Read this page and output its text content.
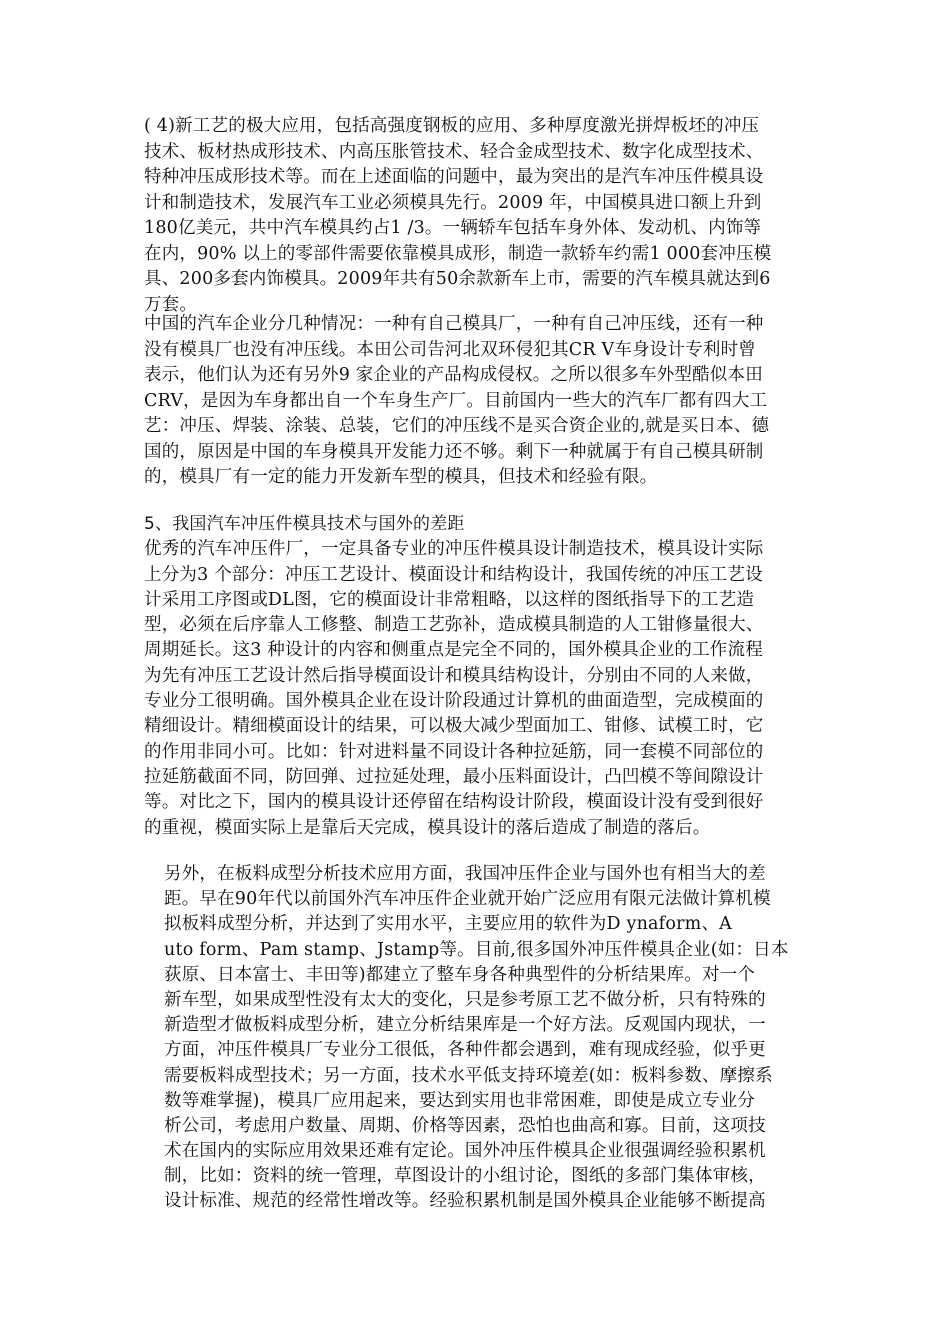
( 4)新工艺的极大应用，包括高强度钢板的应用、多种厚度激光拼焊板坯的冲压
技术、板材热成形技术、内高压胀管技术、轻合金成型技术、数字化成型技术、
特种冲压成形技术等。而在上述面临的问题中，最为突出的是汽车冲压件模具设
计和制造技术，发展汽车工业必须模具先行。2009 年，中国模具进口额上升到
180亿美元，共中汽车模具约占1 /3。一辆轿车包括车身外体、发动机、内饰等
在内，90% 以上的零部件需要依靠模具成形，制造一款轿车约需1 000套冲压模
具、200多套内饰模具。2009年共有50余款新车上市，需要的汽车模具就达到6
万套。
中国的汽车企业分几种情况：一种有自己模具厂，一种有自己冲压线，还有一种
没有模具厂也没有冲压线。本田公司告河北双环侵犯其CR V车身设计专利时曾
表示，他们认为还有另外9 家企业的产品构成侵权。之所以很多车外型酷似本田
CRV，是因为车身都出自一个车身生产厂。目前国内一些大的汽车厂都有四大工
艺：冲压、焊装、涂装、总装，它们的冲压线不是买合资企业的,就是买日本、德
国的，原因是中国的车身模具开发能力还不够。剩下一种就属于有自己模具研制
的，模具厂有一定的能力开发新车型的模具，但技术和经验有限。
5、我国汽车冲压件模具技术与国外的差距
优秀的汽车冲压件厂，一定具备专业的冲压件模具设计制造技术，模具设计实际
上分为3 个部分：冲压工艺设计、模面设计和结构设计，我国传统的冲压工艺设
计采用工序图或DL图，它的模面设计非常粗略，以这样的图纸指导下的工艺造
型，必须在后序靠人工修整、制造工艺弥补，造成模具制造的人工钳修量很大、
周期延长。这3 种设计的内容和侧重点是完全不同的，国外模具企业的工作流程
为先有冲压工艺设计然后指导模面设计和模具结构设计，分别由不同的人来做，
专业分工很明确。国外模具企业在设计阶段通过计算机的曲面造型，完成模面的
精细设计。精细模面设计的结果，可以极大减少型面加工、钳修、试模工时，它
的作用非同小可。比如：针对进料量不同设计各种拉延筋，同一套模不同部位的
拉延筋截面不同，防回弹、过拉延处理，最小压料面设计，凸凹模不等间隙设计
等。对比之下，国内的模具设计还停留在结构设计阶段，模面设计没有受到很好
的重视，模面实际上是靠后天完成，模具设计的落后造成了制造的落后。
另外，在板料成型分析技术应用方面，我国冲压件企业与国外也有相当大的差
距。早在90年代以前国外汽车冲压件企业就开始广泛应用有限元法做计算机模
拟板料成型分析，并达到了实用水平，主要应用的软件为D ynaform、A
uto form、Pam stamp、Jstamp等。目前,很多国外冲压件模具企业(如：日本
荻原、日本富士、丰田等)都建立了整车身各种典型件的分析结果库。对一个
新车型，如果成型性没有太大的变化，只是参考原工艺不做分析，只有特殊的
新造型才做板料成型分析，建立分析结果库是一个好方法。反观国内现状，一
方面，冲压件模具厂专业分工很低，各种件都会遇到，难有现成经验，似乎更
需要板料成型技术；另一方面，技术水平低支持环境差(如：板料参数、摩擦系
数等难掌握)，模具厂应用起来，要达到实用也非常困难，即使是成立专业分
析公司，考虑用户数量、周期、价格等因素，恐怕也曲高和寡。目前，这项技
术在国内的实际应用效果还难有定论。国外冲压件模具企业很强调经验积累机
制，比如：资料的统一管理，草图设计的小组讨论，图纸的多部门集体审核，
设计标准、规范的经常性增改等。经验积累机制是国外模具企业能够不断提高
